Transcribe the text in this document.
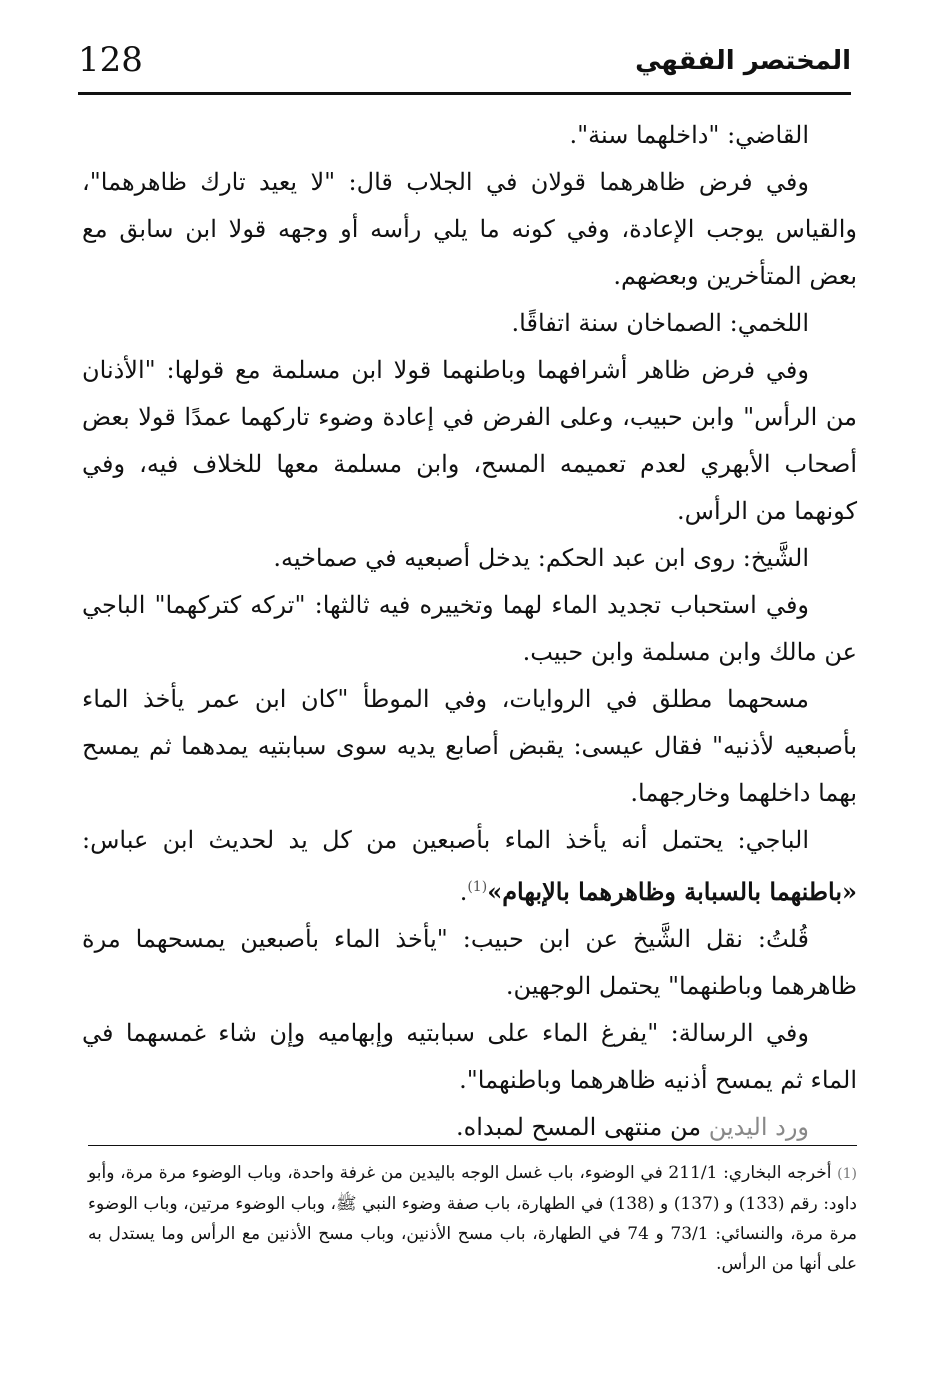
128	المختصر الفقهي

القاضي: "داخلهما سنة".

وفي فرض ظاهرهما قولان في الجلاب قال: "لا يعيد تارك ظاهرهما"، والقياس يوجب الإعادة، وفي كونه ما يلي رأسه أو وجهه قولا ابن سابق مع بعض المتأخرين وبعضهم.

اللخمي: الصماخان سنة اتفاقًا.

وفي فرض ظاهر أشرافهما وباطنهما قولا ابن مسلمة مع قولها: "الأذنان من الرأس" وابن حبيب، وعلى الفرض في إعادة وضوء تاركهما عمدًا قولا بعض أصحاب الأبهري لعدم تعميمه المسح، وابن مسلمة معها للخلاف فيه، وفي كونهما من الرأس.

الشَّيخ: روى ابن عبد الحكم: يدخل أصبعيه في صماخيه.

وفي استحباب تجديد الماء لهما وتخييره فيه ثالثها: "تركه كتركهما" الباجي عن مالك وابن مسلمة وابن حبيب.

مسحهما مطلق في الروايات، وفي الموطأ "كان ابن عمر يأخذ الماء بأصبعيه لأذنيه" فقال عيسى: يقبض أصابع يديه سوى سبابتيه يمدهما ثم يمسح بهما داخلهما وخارجهما.

الباجي: يحتمل أنه يأخذ الماء بأصبعين من كل يد لحديث ابن عباس: «باطنهما بالسبابة وظاهرهما بالإبهام»$^{(1)}$.

قُلتُ: نقل الشَّيخ عن ابن حبيب: "يأخذ الماء بأصبعين يمسحهما مرة ظاهرهما وباطنهما" يحتمل الوجهين.

وفي الرسالة: "يفرغ الماء على سبابتيه وإبهاميه وإن شاء غمسهما في الماء ثم يمسح أذنيه ظاهرهما وباطنهما".

ورد اليدين من منتهى المسح لمبداه.

(1) أخرجه البخاري: 211/1 في الوضوء، باب غسل الوجه باليدين من غرفة واحدة، وباب الوضوء مرة مرة، وأبو داود: رقم (133) و (137) و (138) في الطهارة، باب صفة وضوء النبي ﷺ، وباب الوضوء مرتين، وباب الوضوء مرة مرة، والنسائي: 73/1 و 74 في الطهارة، باب مسح الأذنين، وباب مسح الأذنين مع الرأس وما يستدل به على أنها من الرأس.
